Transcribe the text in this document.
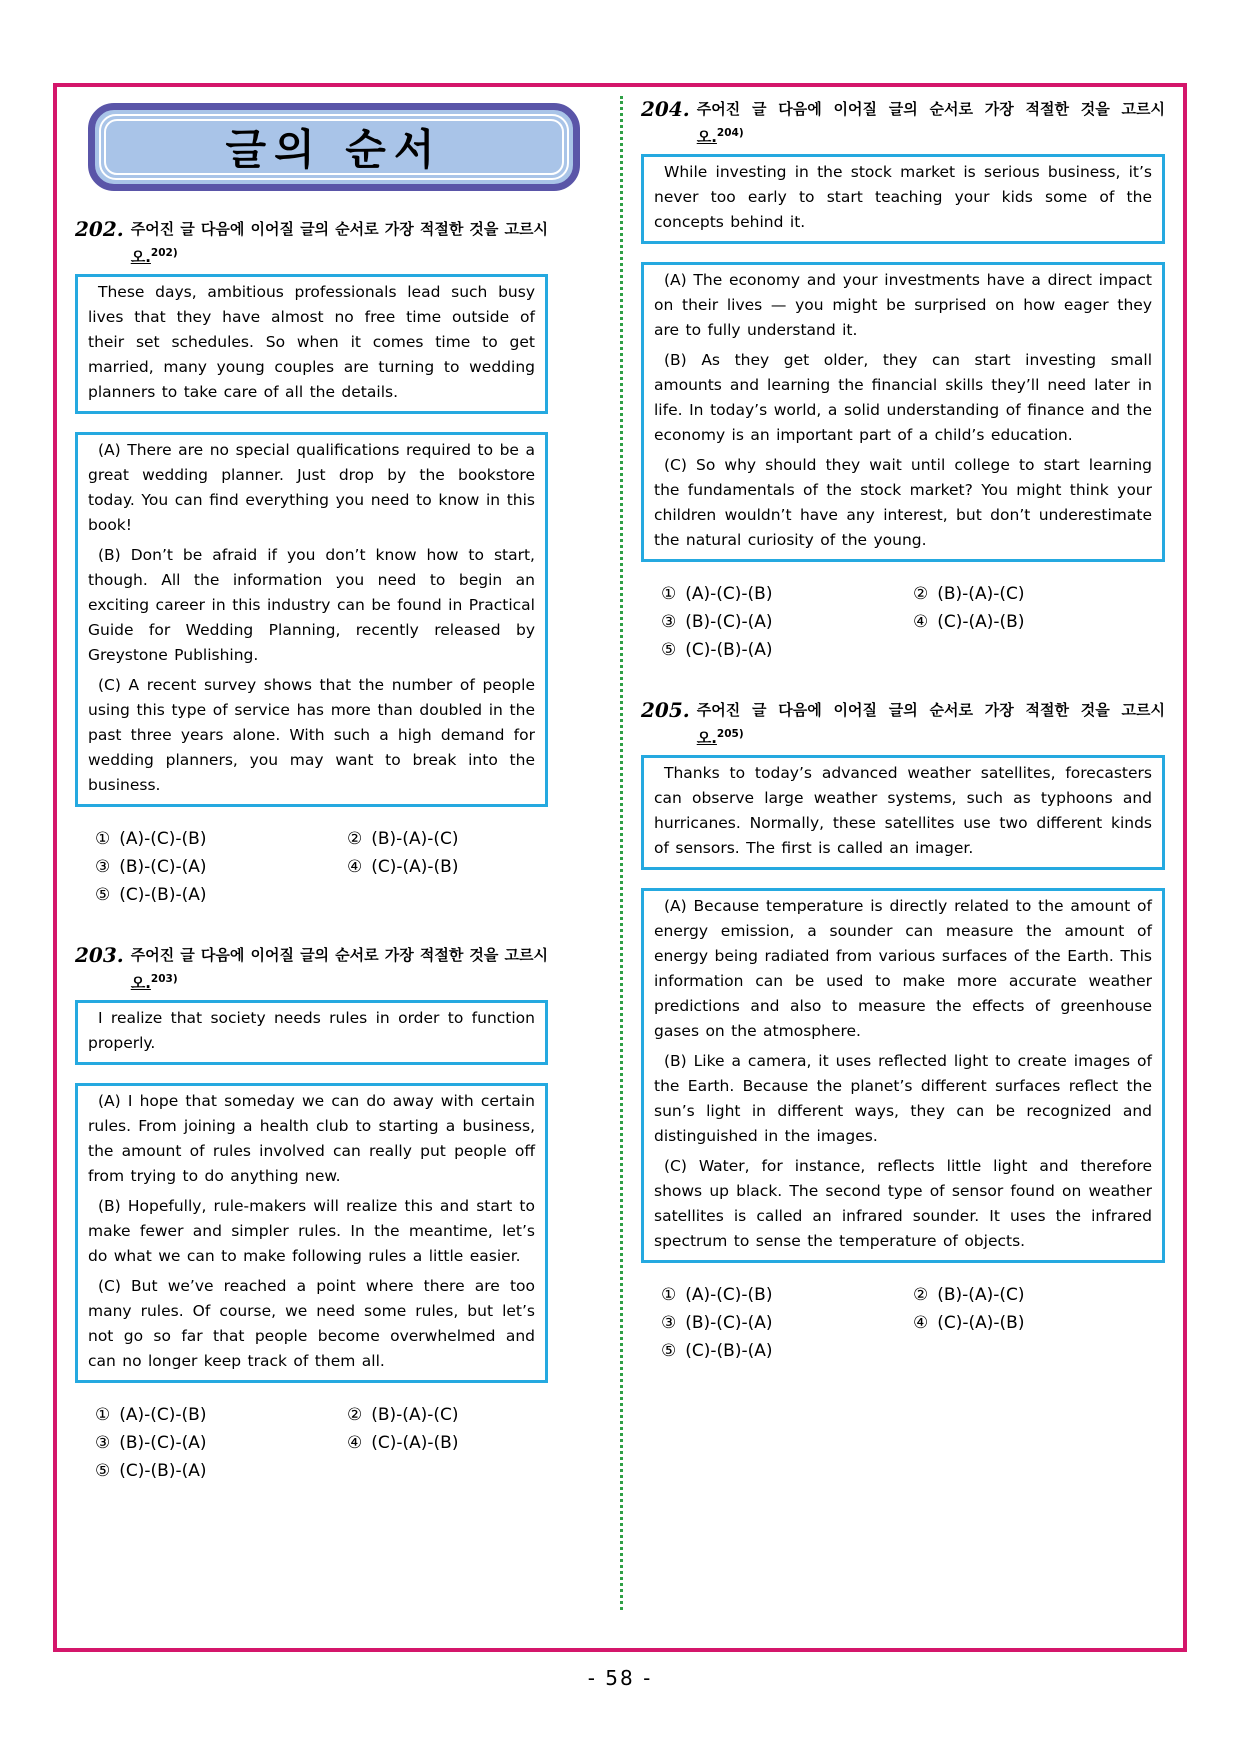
글의 순서
202. 주어진 글 다음에 이어질 글의 순서로 가장 적절한 것을 고르시
오.$^{202)}$

These days, ambitious professionals lead such busy lives that they have almost no free time outside of their set schedules. So when it comes time to get married, many young couples are turning to wedding planners to take care of all the details.

(A) There are no special qualifications required to be a great wedding planner. Just drop by the bookstore today. You can find everything you need to know in this book!

(B) Don’t be afraid if you don’t know how to start, though. All the information you need to begin an exciting career in this industry can be found in Practical Guide for Wedding Planning, recently released by Greystone Publishing.

(C) A recent survey shows that the number of people using this type of service has more than doubled in the past three years alone. With such a high demand for wedding planners, you may want to break into the business.

① (A)-(C)-(B)	② (B)-(A)-(C)
③ (B)-(C)-(A)	④ (C)-(A)-(B)
⑤ (C)-(B)-(A)
203. 주어진 글 다음에 이어질 글의 순서로 가장 적절한 것을 고르시
오.$^{203)}$

I realize that society needs rules in order to function properly.

(A) I hope that someday we can do away with certain rules. From joining a health club to starting a business, the amount of rules involved can really put people off from trying to do anything new.

(B) Hopefully, rule-makers will realize this and start to make fewer and simpler rules. In the meantime, let’s do what we can to make following rules a little easier.

(C) But we’ve reached a point where there are too many rules. Of course, we need some rules, but let’s not go so far that people become overwhelmed and can no longer keep track of them all.

① (A)-(C)-(B)	② (B)-(A)-(C)
③ (B)-(C)-(A)	④ (C)-(A)-(B)
⑤ (C)-(B)-(A)
204. 주어진 글 다음에 이어질 글의 순서로 가장 적절한 것을 고르시
오.$^{204)}$

While investing in the stock market is serious business, it’s never too early to start teaching your kids some of the concepts behind it.

(A) The economy and your investments have a direct impact on their lives — you might be surprised on how eager they are to fully understand it.

(B) As they get older, they can start investing small amounts and learning the financial skills they’ll need later in life. In today’s world, a solid understanding of finance and the economy is an important part of a child’s education.

(C) So why should they wait until college to start learning the fundamentals of the stock market? You might think your children wouldn’t have any interest, but don’t underestimate the natural curiosity of the young.

① (A)-(C)-(B)	② (B)-(A)-(C)
③ (B)-(C)-(A)	④ (C)-(A)-(B)
⑤ (C)-(B)-(A)
205. 주어진 글 다음에 이어질 글의 순서로 가장 적절한 것을 고르시
오.$^{205)}$

Thanks to today’s advanced weather satellites, forecasters can observe large weather systems, such as typhoons and hurricanes. Normally, these satellites use two different kinds of sensors. The first is called an imager.

(A) Because temperature is directly related to the amount of energy emission, a sounder can measure the amount of energy being radiated from various surfaces of the Earth. This information can be used to make more accurate weather predictions and also to measure the effects of greenhouse gases on the atmosphere.

(B) Like a camera, it uses reflected light to create images of the Earth. Because the planet’s different surfaces reflect the sun’s light in different ways, they can be recognized and distinguished in the images.

(C) Water, for instance, reflects little light and therefore shows up black. The second type of sensor found on weather satellites is called an infrared sounder. It uses the infrared spectrum to sense the temperature of objects.

① (A)-(C)-(B)	② (B)-(A)-(C)
③ (B)-(C)-(A)	④ (C)-(A)-(B)
⑤ (C)-(B)-(A)
- 58 -
